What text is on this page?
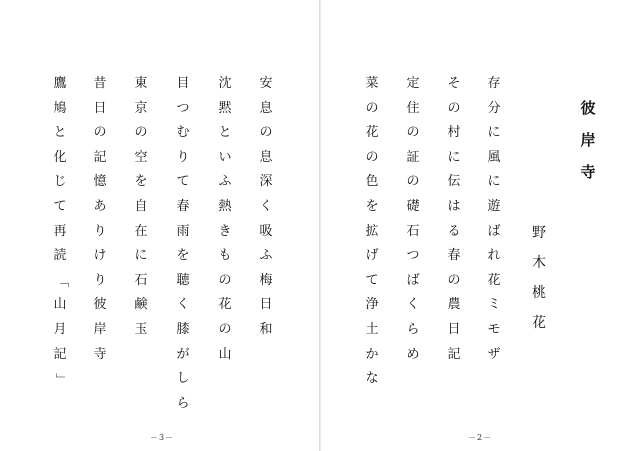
安
息
の
息
深
く
吸
ふ
梅
日
和
沈
黙
と
い
ふ
熱
き
も
の
花
の
山
目
つ
む
り
て
春
雨
を
聴
く
膝
が
し
ら
東
京
の
空
を
自
在
に
石
鹸
玉
昔
日
の
記
憶
あ
り
け
り
彼
岸
寺
鷹
鳩
と
化
じ
て
再
読
「
山
月
記
」
－3－
彼
岸
寺
野
木
桃
花
存
分
に
風
に
遊
ば
れ
花
ミ
モ
ザ
そ
の
村
に
伝
は
る
春
の
農
日
記
定
住
の
証
の
礎
石
つ
ば
く
ら
め
菜
の
花
の
色
を
拡
げ
て
浄
土
か
な
－2－
